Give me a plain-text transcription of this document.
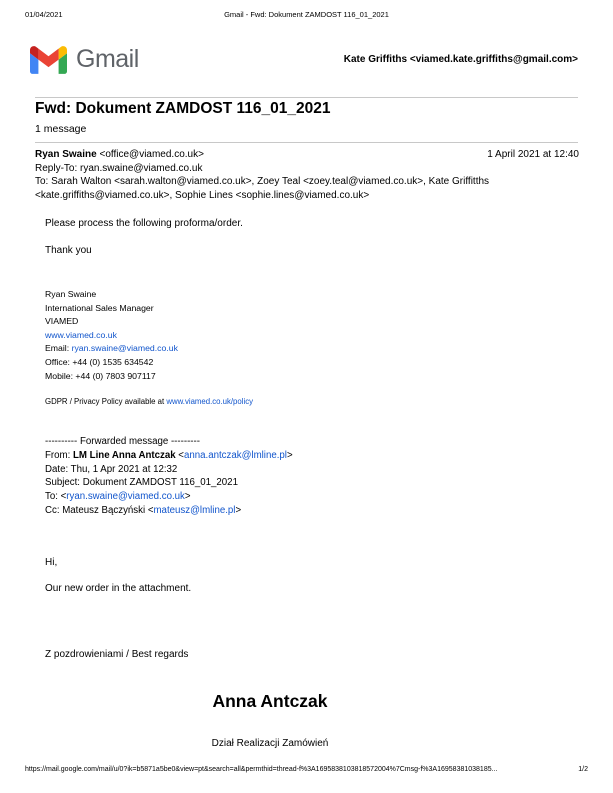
01/04/2021	Gmail - Fwd: Dokument ZAMDOST 116_01_2021
Gmail	Kate Griffiths <viamed.kate.griffiths@gmail.com>
Fwd: Dokument ZAMDOST 116_01_2021
1 message
Ryan Swaine <office@viamed.co.uk>	1 April 2021 at 12:40
Reply-To: ryan.swaine@viamed.co.uk
To: Sarah Walton <sarah.walton@viamed.co.uk>, Zoey Teal <zoey.teal@viamed.co.uk>, Kate Griffitths <kate.griffiths@viamed.co.uk>, Sophie Lines <sophie.lines@viamed.co.uk>
Please process the following proforma/order.
Thank you
Ryan Swaine
International Sales Manager
VIAMED
www.viamed.co.uk
Email: ryan.swaine@viamed.co.uk
Office: +44 (0) 1535 634542
Mobile: +44 (0) 7803 907117
GDPR / Privacy Policy available at www.viamed.co.uk/policy
---------- Forwarded message ---------
From: LM Line Anna Antczak <anna.antczak@lmline.pl>
Date: Thu, 1 Apr 2021 at 12:32
Subject: Dokument ZAMDOST 116_01_2021
To: <ryan.swaine@viamed.co.uk>
Cc: Mateusz Bączyński <mateusz@lmline.pl>
Hi,
Our new order in the attachment.
Z pozdrowieniami / Best regards
Anna Antczak
Dział Realizacji Zamówień
https://mail.google.com/mail/u/0?ik=b5871a5be0&view=pt&search=all&permthid=thread-f%3A1695838103818572004%7Cmsg-f%3A16958381038185...	1/2
